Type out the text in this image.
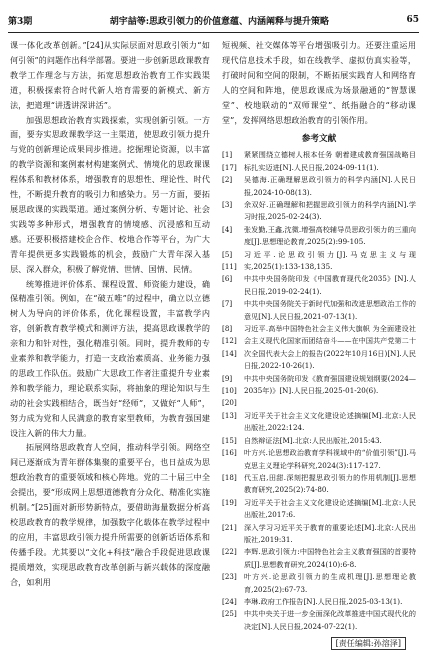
第3期	胡宇喆等:思政引领力的价值意蕴、内涵阐释与提升策略	65

课一体化改革创新。”[24]从实际层面对思政引领力“如何引领”的问题作出科学部署。要进一步创新思政课教育教学工作理念与方法，拓宽思想政治教育工作实践渠道，积极探索符合时代新人培育需要的新模式、新方法，把道理“讲透讲深讲活”。

加强思想政治教育实践探索，实现创新引领。一方面，要夯实思政课教学这一主渠道，使思政引领力提升与党的创新理论成果同步推进。挖掘理论资源，以丰富的教学资源和案例素材构建案例式、情境化的思政课课程体系和教材体系，增强教育的思想性、理论性、时代性，不断提升教育的吸引力和感染力。另一方面，要拓展思政课的实践渠道。通过案例分析、专题讨论、社会实践等多种形式，增强教育的情境感、沉浸感和互动感。还要积极搭建校企合作、校地合作等平台，为广大青年提供更多实践锻炼的机会，鼓励广大青年深入基层、深入群众，积极了解党情、世情、国情、民情。

统筹推进评价体系、课程设置、师资能力建设，确保精准引领。例如，在“破五唯”的过程中，确立以立德树人为导向的评价体系，优化课程设置，丰富教学内容，创新教育教学模式和测评方法，提高思政课教学的亲和力和针对性，强化精准引领。同时，提升教师的专业素养和教学能力，打造一支政治素质高、业务能力强的思政工作队伍。鼓励广大思政工作者注重提升专业素养和教学能力，理论联系实际，将抽象的理论知识与生动的社会实践相结合，既当好“经师”，又做好“人师”，努力成为党和人民满意的教育家型教师，为教育强国建设注入新的伟大力量。

拓展网络思政教育人空间，推动科学引领。网络空间已逐渐成为青年群体集聚的重要平台，也日益成为思想政治教育的重要领域和核心阵地。党的二十届三中全会提出，要“形成网上思想道德教育分众化、精准化实施机制。”[25]面对新形势新特点，要借助海量数据分析高校思政教育的教学规律，加强数字化载体在教学过程中的应用，丰富思政引领力提升所需要的创新话语体系和传播手段。尤其要以“文化+科技”融合手段促进思政课提质增效，实现思政教育改革创新与新兴载体的深度融合，如利用

短视频、社交媒体等平台增强吸引力。还要注重运用现代信息技术手段，如在线教学、虚拟仿真实验等，打破时间和空间的限制，不断拓展实践育人和网络育人的空间和阵地，使思政课成为场景融通的“智慧课堂”、校地联动的“双师课堂”、纸指融合的“移动课堂”，发挥网络思想政治教育的引领作用。

参考文献
[1][17]
紧紧围绕立德树人根本任务 朝着建成教育强国战略目标扎实迈进[N].人民日报,2024-09-11(1).
[2]	吴德海.正确理解思政引领力的科学内涵[N].人民日报,2024-10-08(13).
[3]	余双好.正确理解和把握思政引领力的科学内涵[N].学习时报,2025-02-24(3).
[4]	张发勤,王鑫,沈微.增强高校辅导员思政引领力的三重向度[J].思想理论教育,2025(2):99-105.
[5][11]
习近平.论思政引领力[J].马克思主义与现实,2025(1):133-138,135.
[6]	中共中央国务院印发《中国教育现代化2035》[N].人民日报,2019-02-24(1).
[7]	中共中央国务院关于新时代加强和改进思想政治工作的意见[N].人民日报,2021-07-13(1).
[8][12][14]
习近平.高举中国特色社会主义伟大旗帜 为全面建设社会主义现代化国家而团结奋斗——在中国共产党第二十次全国代表大会上的报告(2022年10月16日)[N].人民日报,2022-10-26(1).
[9][10][20]
中共中央国务院印发《教育强国建设规划纲要(2024—2035年)》[N].人民日报,2025-01-20(6).
[13]	习近平关于社会主义文化建设论述摘编[M].北京:人民出版社,2022:124.
[15]	自然辩证法[M].北京:人民出版社,2015:43.
[16]	叶方兴.论思想政治教育学科视域中的“价值引领”[J].马克思主义理论学科研究,2024(3):117-127.
[18]	代玉启,田甜.深刻把握思政引领力的作用机制[J].思想教育研究,2025(2):74-80.
[19]	习近平关于社会主义文化建设论述摘编[M].北京:人民出版社,2017:6.
[21]	深入学习习近平关于教育的重要论述[M].北京:人民出版社,2019:31.
[22]	李辉.思政引领力:中国特色社会主义教育强国的首要特质[J].思想教育研究,2024(10):6-8.
[23]	叶方兴.论思政引领力的生成机理[J].思想理论教育,2025(2):67-73.
[24]	李琳.政府工作报告[N].人民日报,2025-03-13(1).
[25]	中共中央关于进一步全面深化改革推进中国式现代化的决定[N].人民日报,2024-07-22(1).
[责任编辑:孙溶泽]
